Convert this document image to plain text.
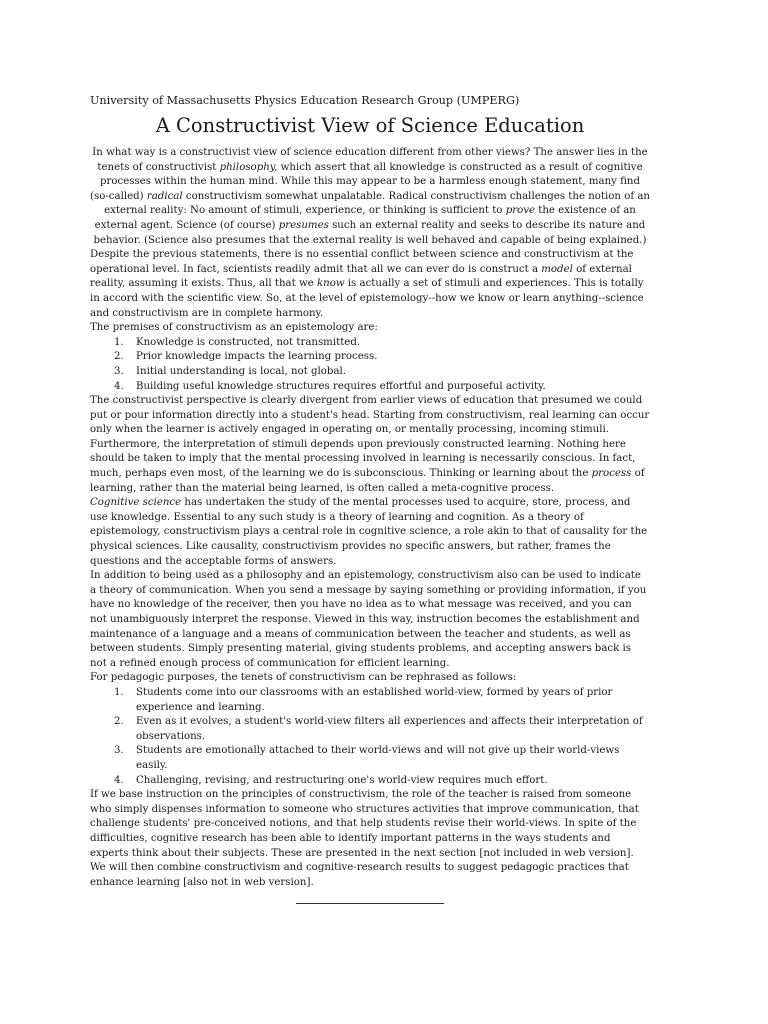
University of Massachusetts Physics Education Research Group (UMPERG)

A Constructivist View of Science Education

In what way is a constructivist view of science education different from other views? The answer lies in the tenets of constructivist philosophy, which assert that all knowledge is constructed as a result of cognitive processes within the human mind. While this may appear to be a harmless enough statement, many find (so-called) radical constructivism somewhat unpalatable. Radical constructivism challenges the notion of an external reality: No amount of stimuli, experience, or thinking is sufficient to prove the existence of an external agent. Science (of course) presumes such an external reality and seeks to describe its nature and behavior. (Science also presumes that the external reality is well behaved and capable of being explained.)

Despite the previous statements, there is no essential conflict between science and constructivism at the operational level. In fact, scientists readily admit that all we can ever do is construct a model of external reality, assuming it exists. Thus, all that we know is actually a set of stimuli and experiences. This is totally in accord with the scientific view. So, at the level of epistemology--how we know or learn anything--science and constructivism are in complete harmony.

The premises of constructivism as an epistemology are:

1. Knowledge is constructed, not transmitted.
2. Prior knowledge impacts the learning process.
3. Initial understanding is local, not global.
4. Building useful knowledge structures requires effortful and purposeful activity.

The constructivist perspective is clearly divergent from earlier views of education that presumed we could put or pour information directly into a student's head. Starting from constructivism, real learning can occur only when the learner is actively engaged in operating on, or mentally processing, incoming stimuli. Furthermore, the interpretation of stimuli depends upon previously constructed learning. Nothing here should be taken to imply that the mental processing involved in learning is necessarily conscious. In fact, much, perhaps even most, of the learning we do is subconscious. Thinking or learning about the process of learning, rather than the material being learned, is often called a meta-cognitive process.

Cognitive science has undertaken the study of the mental processes used to acquire, store, process, and use knowledge. Essential to any such study is a theory of learning and cognition. As a theory of epistemology, constructivism plays a central role in cognitive science, a role akin to that of causality for the physical sciences. Like causality, constructivism provides no specific answers, but rather, frames the questions and the acceptable forms of answers.

In addition to being used as a philosophy and an epistemology, constructivism also can be used to indicate a theory of communication. When you send a message by saying something or providing information, if you have no knowledge of the receiver, then you have no idea as to what message was received, and you can not unambiguously interpret the response. Viewed in this way, instruction becomes the establishment and maintenance of a language and a means of communication between the teacher and students, as well as between students. Simply presenting material, giving students problems, and accepting answers back is not a refined enough process of communication for efficient learning.

For pedagogic purposes, the tenets of constructivism can be rephrased as follows:

1. Students come into our classrooms with an established world-view, formed by years of prior experience and learning.
2. Even as it evolves, a student's world-view filters all experiences and affects their interpretation of observations.
3. Students are emotionally attached to their world-views and will not give up their world-views easily.
4. Challenging, revising, and restructuring one's world-view requires much effort.

If we base instruction on the principles of constructivism, the role of the teacher is raised from someone who simply dispenses information to someone who structures activities that improve communication, that challenge students' pre-conceived notions, and that help students revise their world-views. In spite of the difficulties, cognitive research has been able to identify important patterns in the ways students and experts think about their subjects. These are presented in the next section [not included in web version]. We will then combine constructivism and cognitive-research results to suggest pedagogic practices that enhance learning [also not in web version].
